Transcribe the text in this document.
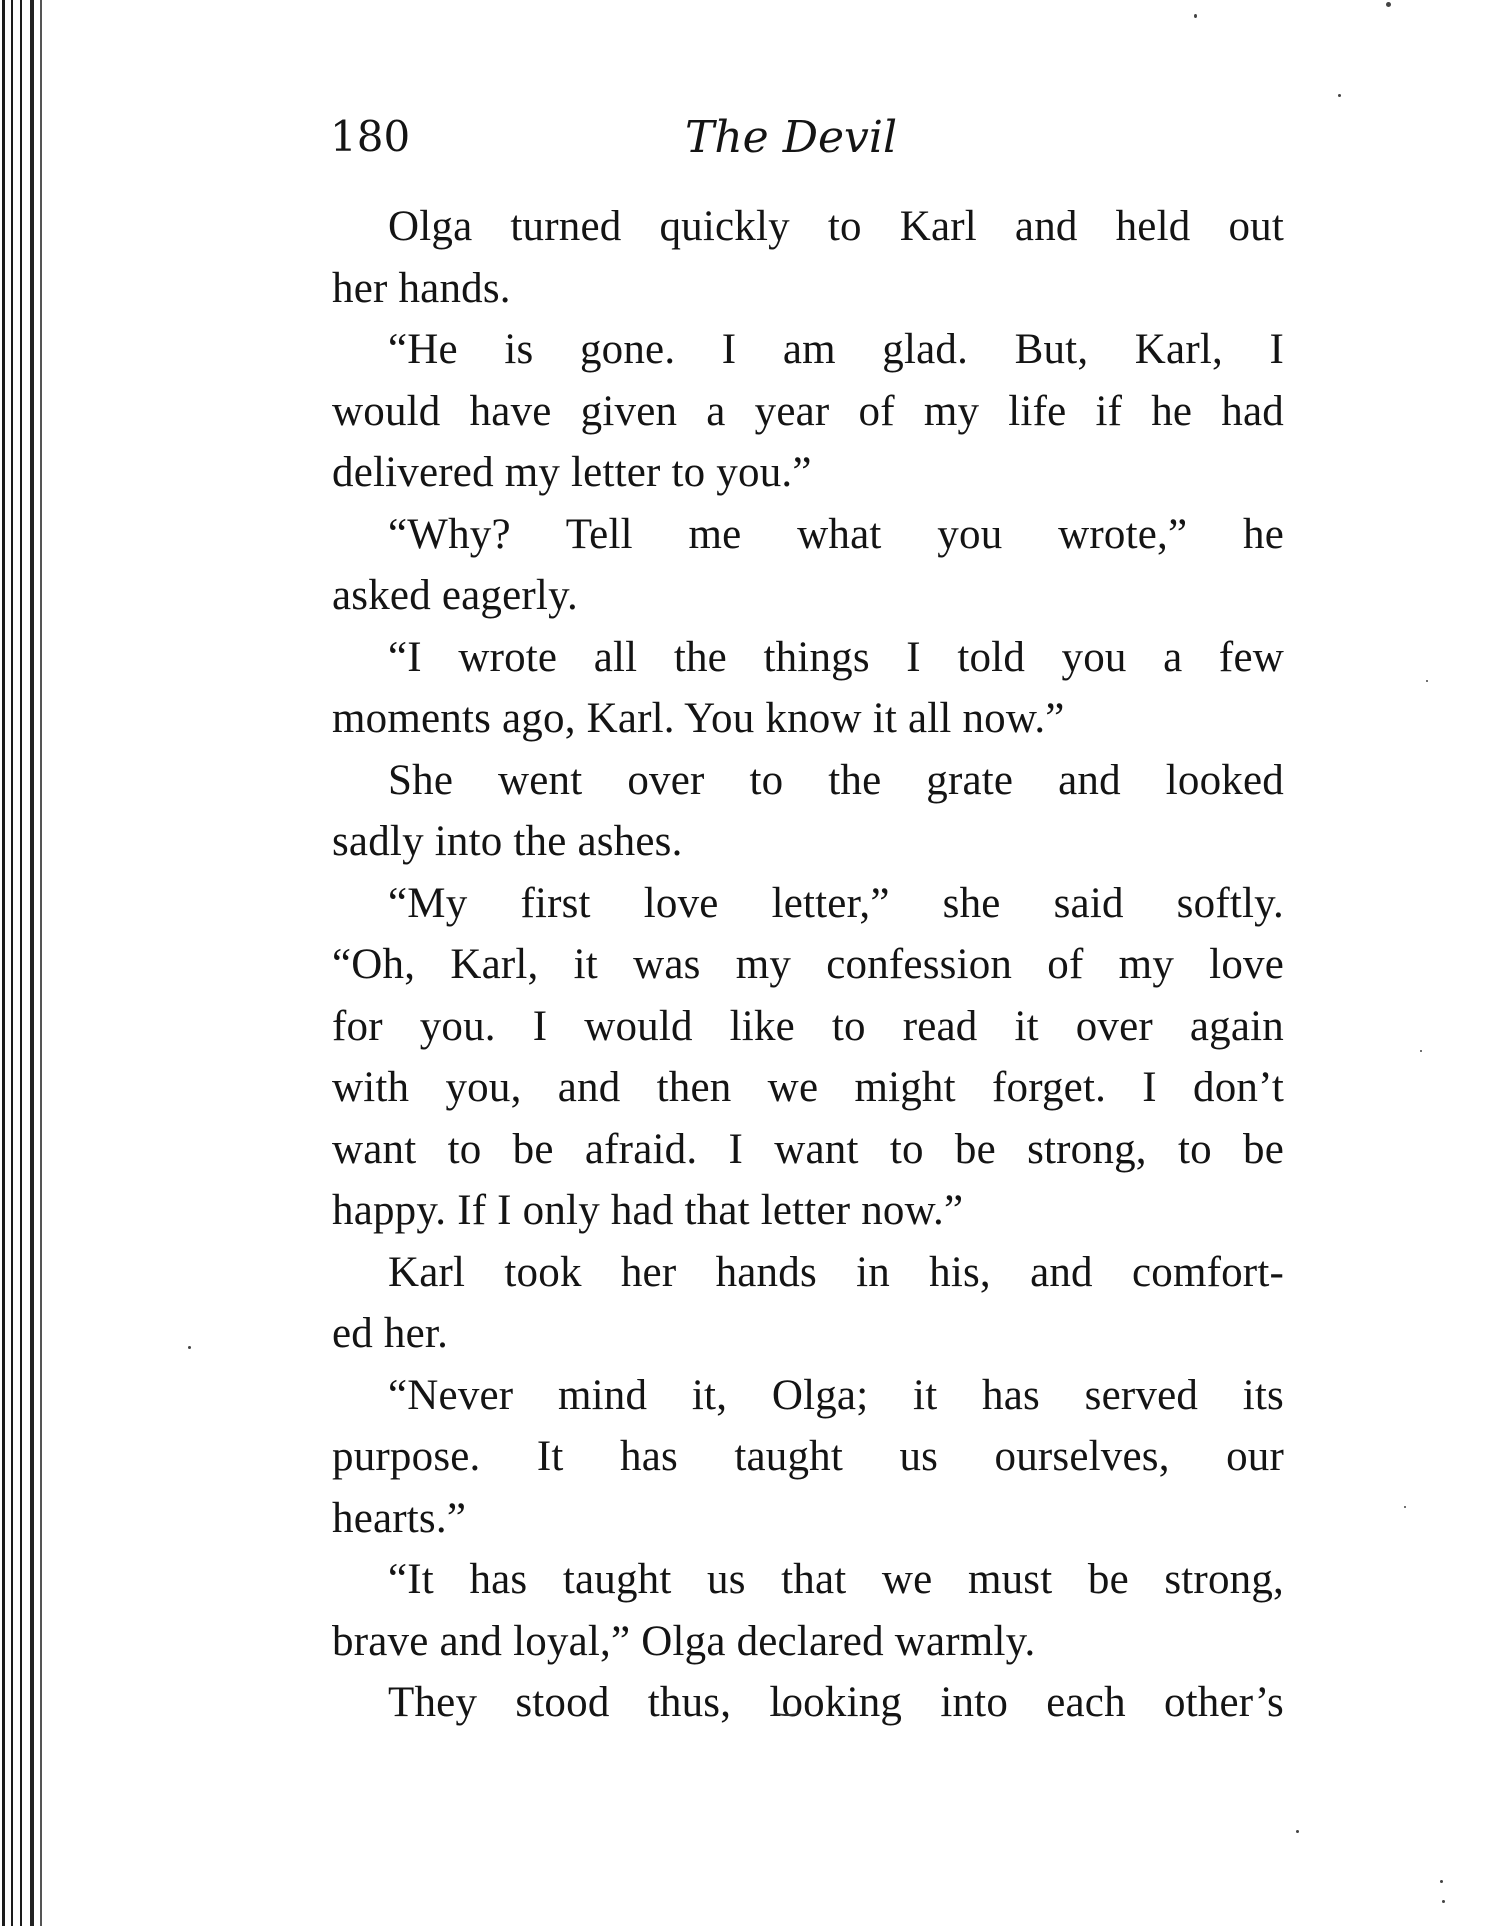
180	The Devil
Olga turned quickly to Karl and held out
her hands.
“He is gone. I am glad. But, Karl, I
would have given a year of my life if he had
delivered my letter to you.”
“Why? Tell me what you wrote,” he
asked eagerly.
“I wrote all the things I told you a few
moments ago, Karl. You know it all now.”
She went over to the grate and looked
sadly into the ashes.
“My first love letter,” she said softly.
“Oh, Karl, it was my confession of my love
for you. I would like to read it over again
with you, and then we might forget. I don’t
want to be afraid. I want to be strong, to be
happy. If I only had that letter now.”
Karl took her hands in his, and comfort-
ed her.
“Never mind it, Olga; it has served its
purpose. It has taught us ourselves, our
hearts.”
“It has taught us that we must be strong,
brave and loyal,” Olga declared warmly.
They stood thus, looking into each other’s
